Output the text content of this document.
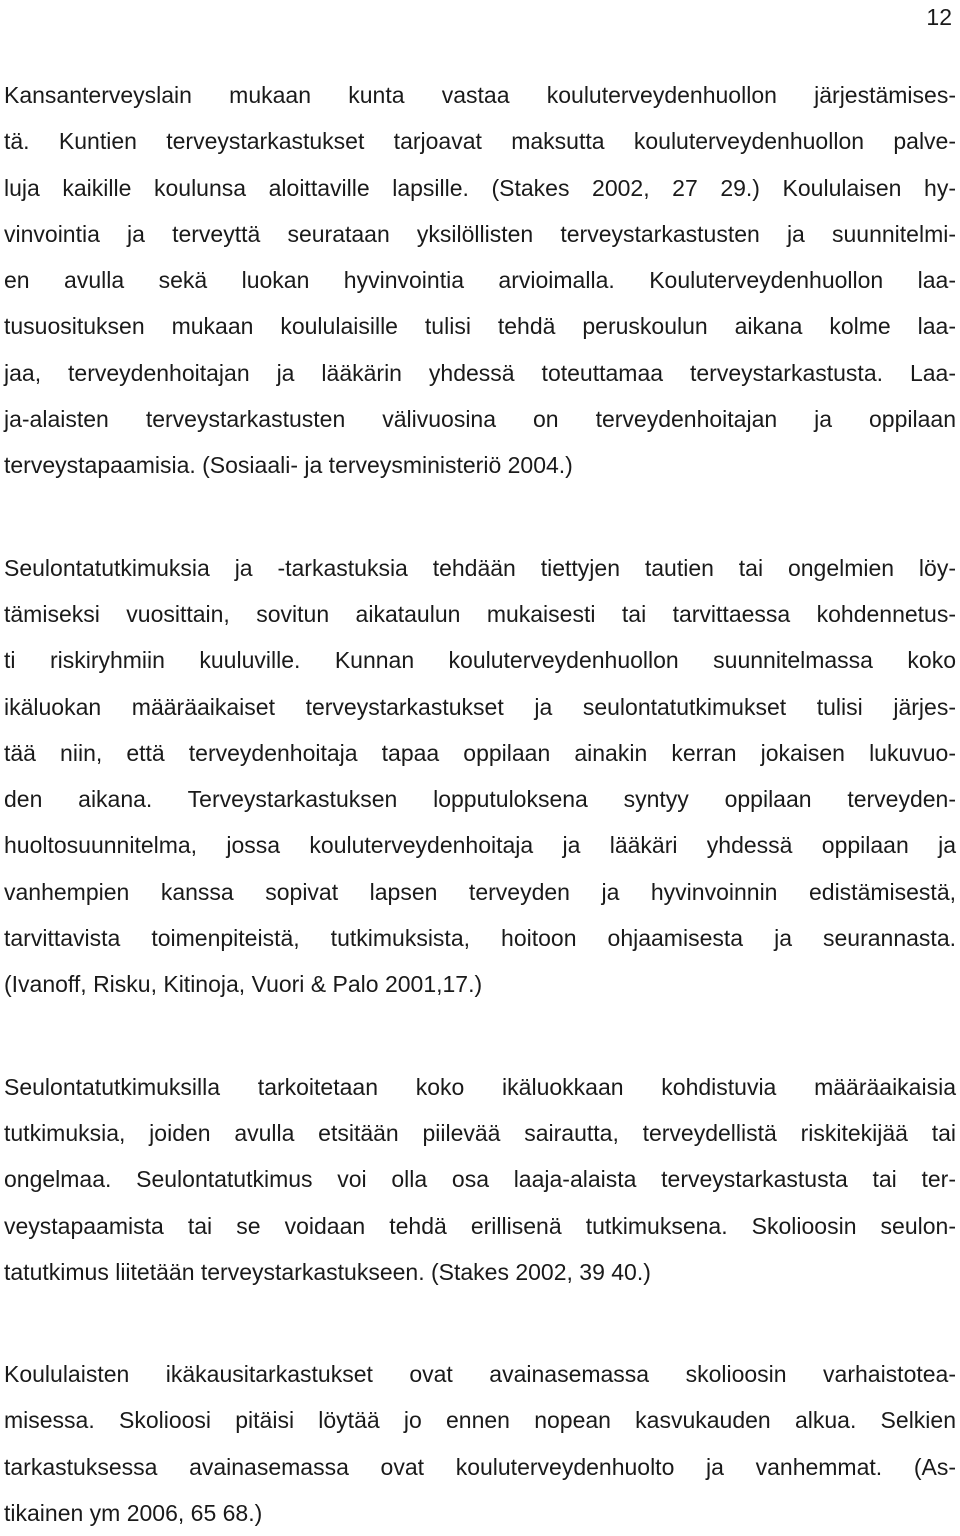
12
Kansanterveyslain mukaan kunta vastaa kouluterveydenhuollon järjestämises-
tä. Kuntien terveystarkastukset tarjoavat maksutta kouluterveydenhuollon palve-
luja kaikille koulunsa aloittaville lapsille. (Stakes 2002, 27 29.) Koululaisen hy-
vinvointia ja terveyttä seurataan yksilöllisten terveystarkastusten ja suunnitelmi-
en avulla sekä luokan hyvinvointia arvioimalla. Kouluterveydenhuollon laa-
tusuosituksen mukaan koululaisille tulisi tehdä peruskoulun aikana kolme laa-
jaa, terveydenhoitajan ja lääkärin yhdessä toteuttamaa terveystarkastusta. Laa-
ja-alaisten terveystarkastusten välivuosina on terveydenhoitajan ja oppilaan
terveystapaamisia. (Sosiaali- ja terveysministeriö 2004.)
Seulontatutkimuksia ja -tarkastuksia tehdään tiettyjen tautien tai ongelmien löy-
tämiseksi vuosittain, sovitun aikataulun mukaisesti tai tarvittaessa kohdennetus-
ti riskiryhmiin kuuluville. Kunnan kouluterveydenhuollon suunnitelmassa koko
ikäluokan määräaikaiset terveystarkastukset ja seulontatutkimukset tulisi järjes-
tää niin, että terveydenhoitaja tapaa oppilaan ainakin kerran jokaisen lukuvuo-
den aikana. Terveystarkastuksen lopputuloksena syntyy oppilaan terveyden-
huoltosuunnitelma, jossa kouluterveydenhoitaja ja lääkäri yhdessä oppilaan ja
vanhempien kanssa sopivat lapsen terveyden ja hyvinvoinnin edistämisestä,
tarvittavista toimenpiteistä, tutkimuksista, hoitoon ohjaamisesta ja seurannasta.
(Ivanoff, Risku, Kitinoja, Vuori & Palo 2001,17.)
Seulontatutkimuksilla tarkoitetaan koko ikäluokkaan kohdistuvia määräaikaisia
tutkimuksia, joiden avulla etsitään piilevää sairautta, terveydellistä riskitekijää tai
ongelmaa. Seulontatutkimus voi olla osa laaja-alaista terveystarkastusta tai ter-
veystapaamista tai se voidaan tehdä erillisenä tutkimuksena. Skolioosin seulon-
tatutkimus liitetään terveystarkastukseen. (Stakes 2002, 39 40.)
Koululaisten ikäkausitarkastukset ovat avainasemassa skolioosin varhaistotea-
misessa. Skolioosi pitäisi löytää jo ennen nopean kasvukauden alkua. Selkien
tarkastuksessa avainasemassa ovat kouluterveydenhuolto ja vanhemmat. (As-
tikainen ym 2006, 65 68.)
